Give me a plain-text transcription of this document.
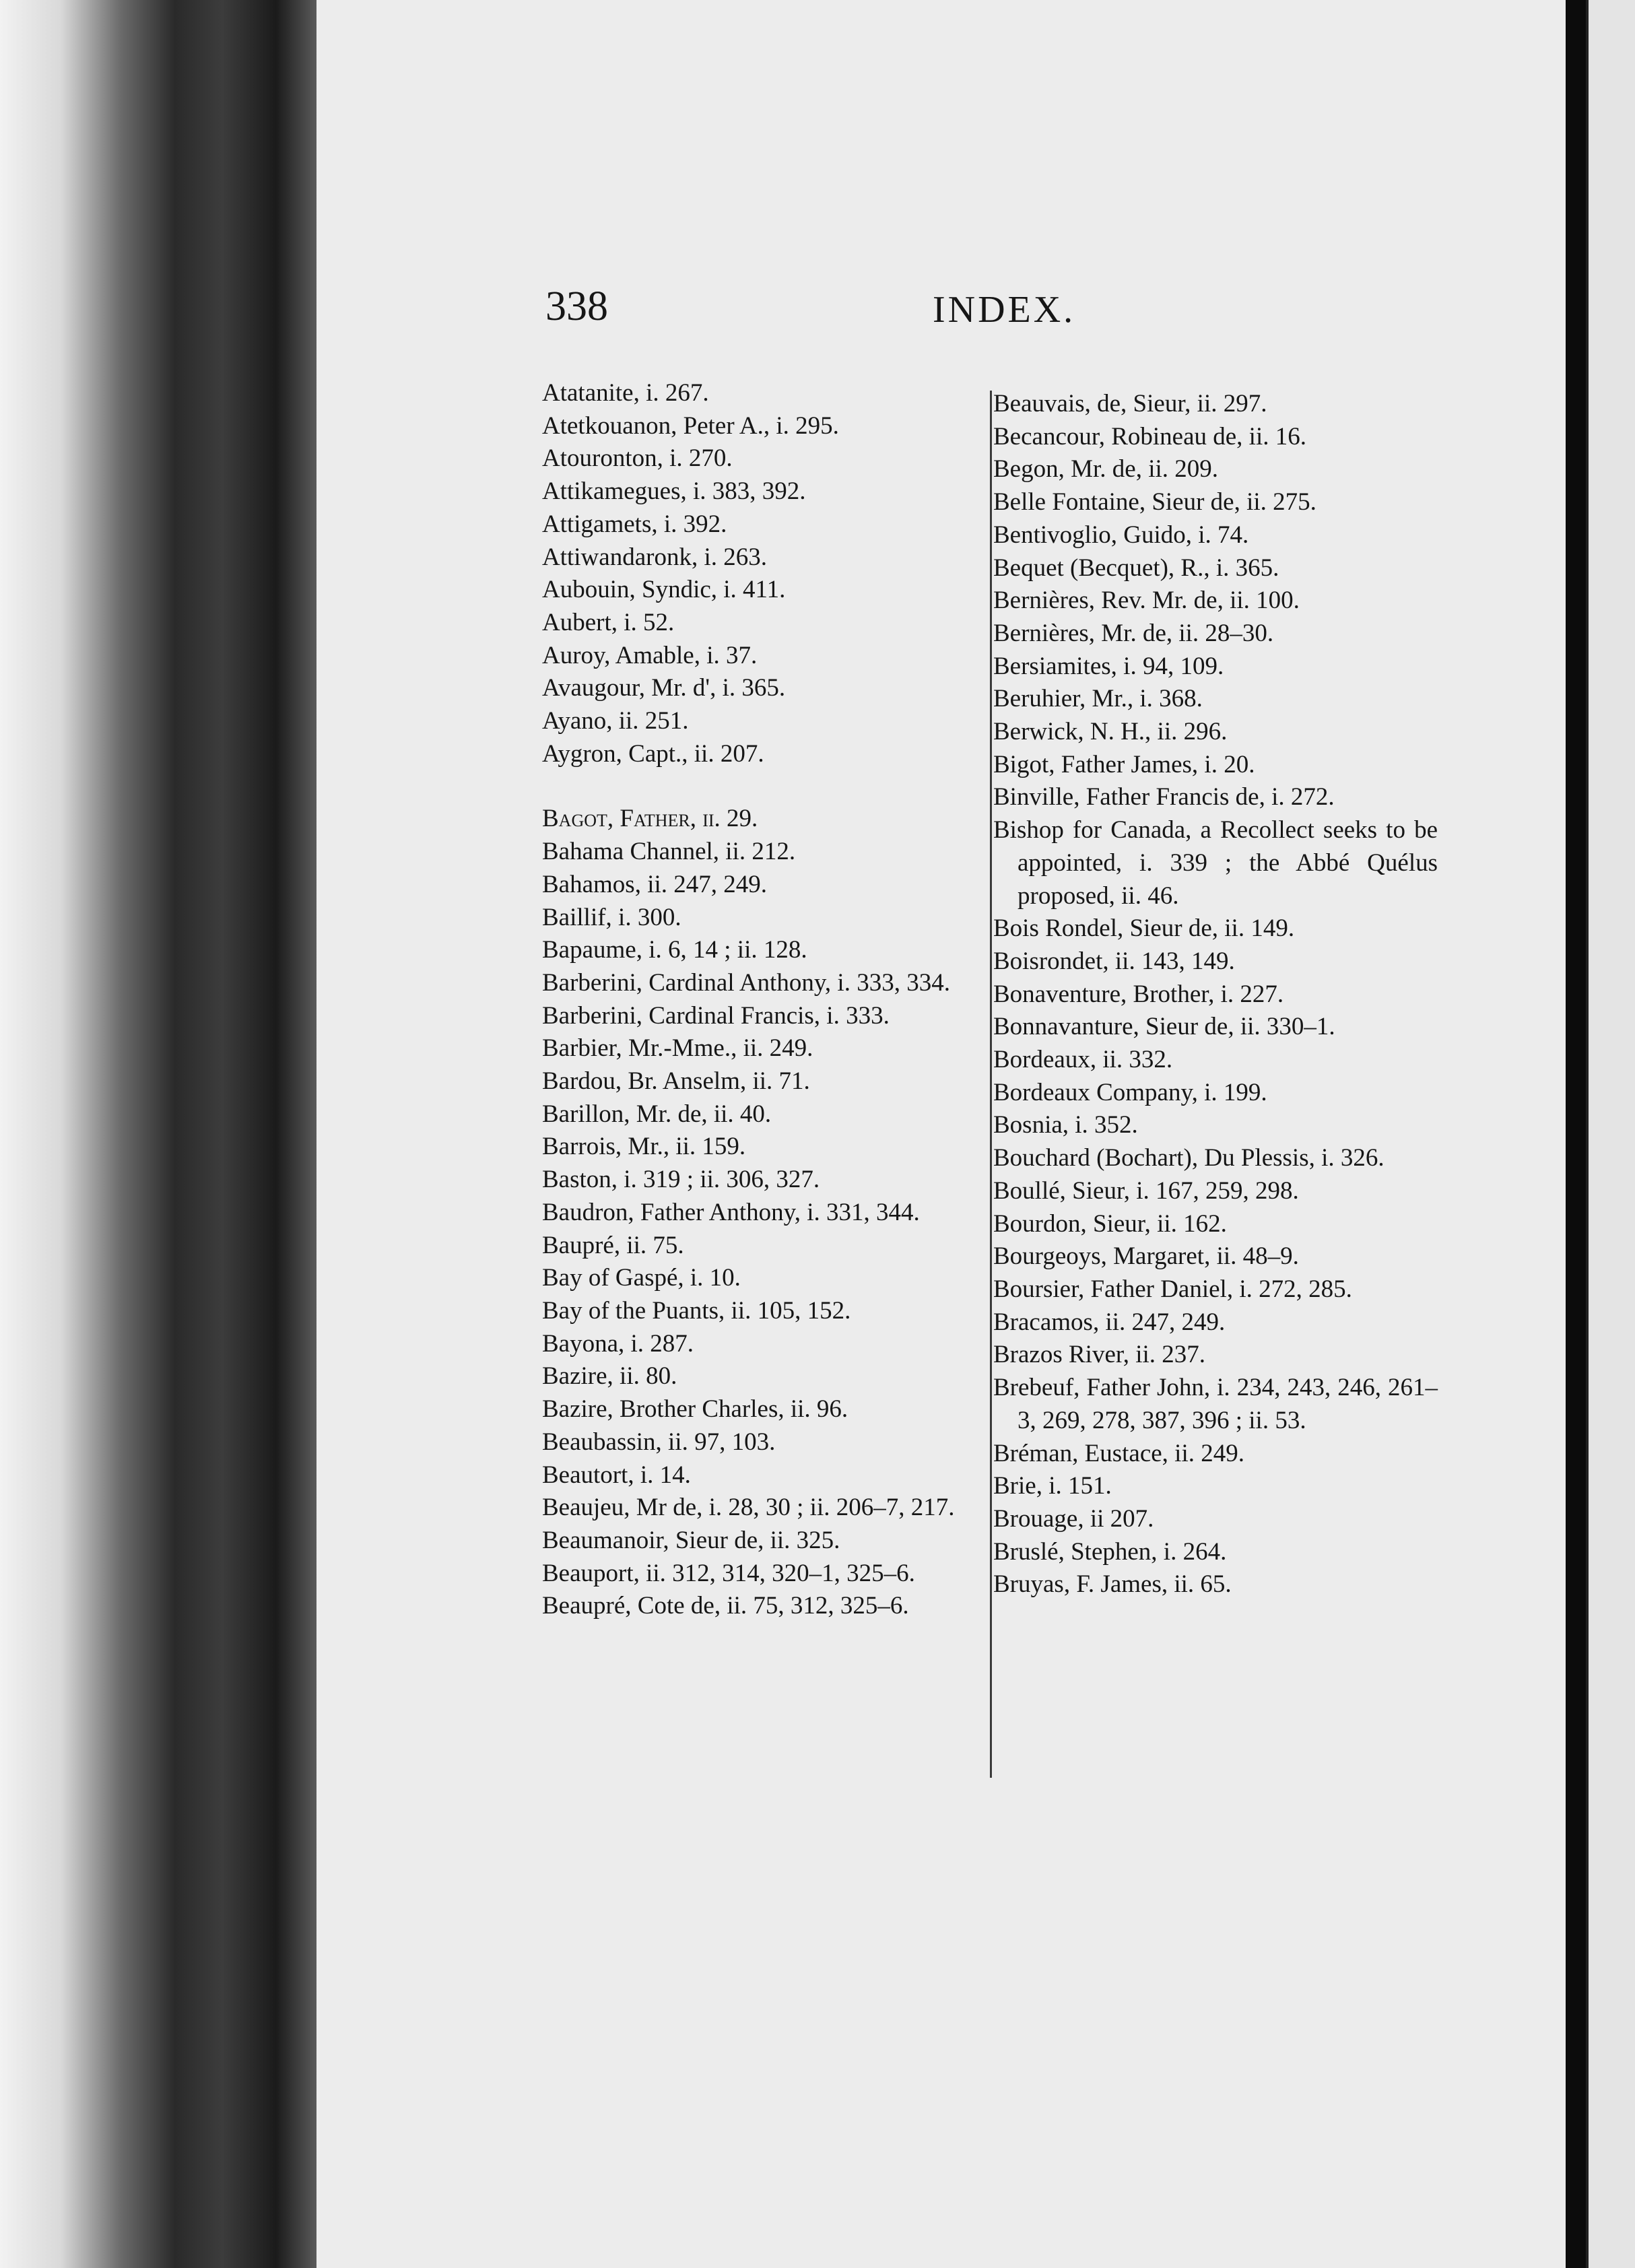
338	INDEX.
Atatanite, i. 267.
Atetkouanon, Peter A., i. 295.
Atouronton, i. 270.
Attikamegues, i. 383, 392.
Attigamets, i. 392.
Attiwandaronk, i. 263.
Aubouin, Syndic, i. 411.
Aubert, i. 52.
Auroy, Amable, i. 37.
Avaugour, Mr. d', i. 365.
Ayano, ii. 251.
Aygron, Capt., ii. 207.
Bagot, Father, ii. 29.
Bahama Channel, ii. 212.
Bahamos, ii. 247, 249.
Baillif, i. 300.
Bapaume, i. 6, 14 ; ii. 128.
Barberini, Cardinal Anthony, i. 333, 334.
Barberini, Cardinal Francis, i. 333.
Barbier, Mr.-Mme., ii. 249.
Bardou, Br. Anselm, ii. 71.
Barillon, Mr. de, ii. 40.
Barrois, Mr., ii. 159.
Baston, i. 319 ; ii. 306, 327.
Baudron, Father Anthony, i. 331, 344.
Baupré, ii. 75.
Bay of Gaspé, i. 10.
Bay of the Puants, ii. 105, 152.
Bayona, i. 287.
Bazire, ii. 80.
Bazire, Brother Charles, ii. 96.
Beaubassin, ii. 97, 103.
Beautort, i. 14.
Beaujeu, Mr de, i. 28, 30 ; ii. 206–7, 217.
Beaumanoir, Sieur de, ii. 325.
Beauport, ii. 312, 314, 320–1, 325–6.
Beaupré, Cote de, ii. 75, 312, 325–6.
Beauvais, de, Sieur, ii. 297.
Becancour, Robineau de, ii. 16.
Begon, Mr. de, ii. 209.
Belle Fontaine, Sieur de, ii. 275.
Bentivoglio, Guido, i. 74.
Bequet (Becquet), R., i. 365.
Bernières, Rev. Mr. de, ii. 100.
Bernières, Mr. de, ii. 28–30.
Bersiamites, i. 94, 109.
Beruhier, Mr., i. 368.
Berwick, N. H., ii. 296.
Bigot, Father James, i. 20.
Binville, Father Francis de, i. 272.
Bishop for Canada, a Recollect seeks to be appointed, i. 339 ; the Abbé Quélus proposed, ii. 46.
Bois Rondel, Sieur de, ii. 149.
Boisrondet, ii. 143, 149.
Bonaventure, Brother, i. 227.
Bonnavanture, Sieur de, ii. 330–1.
Bordeaux, ii. 332.
Bordeaux Company, i. 199.
Bosnia, i. 352.
Bouchard (Bochart), Du Plessis, i. 326.
Boullé, Sieur, i. 167, 259, 298.
Bourdon, Sieur, ii. 162.
Bourgeoys, Margaret, ii. 48–9.
Boursier, Father Daniel, i. 272, 285.
Bracamos, ii. 247, 249.
Brazos River, ii. 237.
Brebeuf, Father John, i. 234, 243, 246, 261–3, 269, 278, 387, 396 ; ii. 53.
Bréman, Eustace, ii. 249.
Brie, i. 151.
Brouage, ii 207.
Bruslé, Stephen, i. 264.
Bruyas, F. James, ii. 65.
